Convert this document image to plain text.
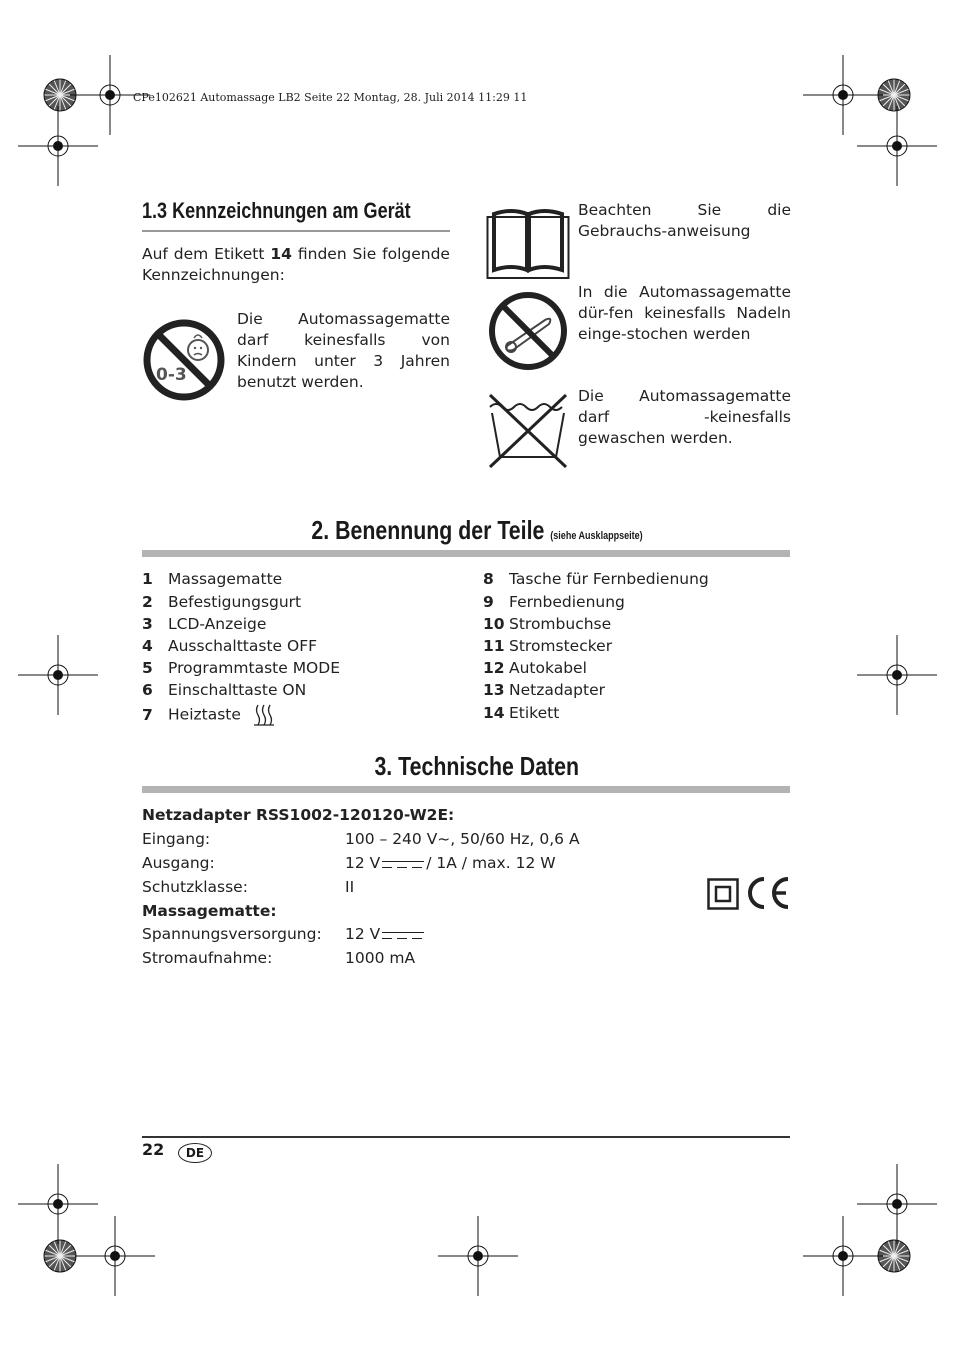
CPe102621 Automassage LB2 Seite 22 Montag, 28. Juli 2014 11:29 11
1.3 Kennzeichnungen am Gerät
Auf dem Etikett 14 finden Sie folgende
Kennzeichnungen:
0-3
Die Automassagematte darf keinesfalls von Kindern unter 3 Jahren benutzt werden.
Beachten Sie die Gebrauchs-anweisung
In die Automassagematte dür-fen keinesfalls Nadeln einge-stochen werden
Die Automassagematte darf -keinesfalls gewaschen werden.
2. Benennung der Teile (siehe Ausklappseite)
1 Massagematte
2 Befestigungsgurt
3 LCD-Anzeige
4 Ausschalttaste OFF
5 Programmtaste MODE
6 Einschalttaste ON
7 Heiztaste
8 Tasche für Fernbedienung
9 Fernbedienung
10 Strombuchse
11 Stromstecker
12 Autokabel
13 Netzadapter
14 Etikett
3. Technische Daten
Netzadapter RSS1002-120120-W2E:
Eingang:	100 – 240 V~, 50/60 Hz, 0,6 A
Ausgang:	12 V	/ 1A / max. 12 W
Schutzklasse:	II
Massagematte:
Spannungsversorgung: 12 V
Stromaufnahme:	1000 mA
22	DE
